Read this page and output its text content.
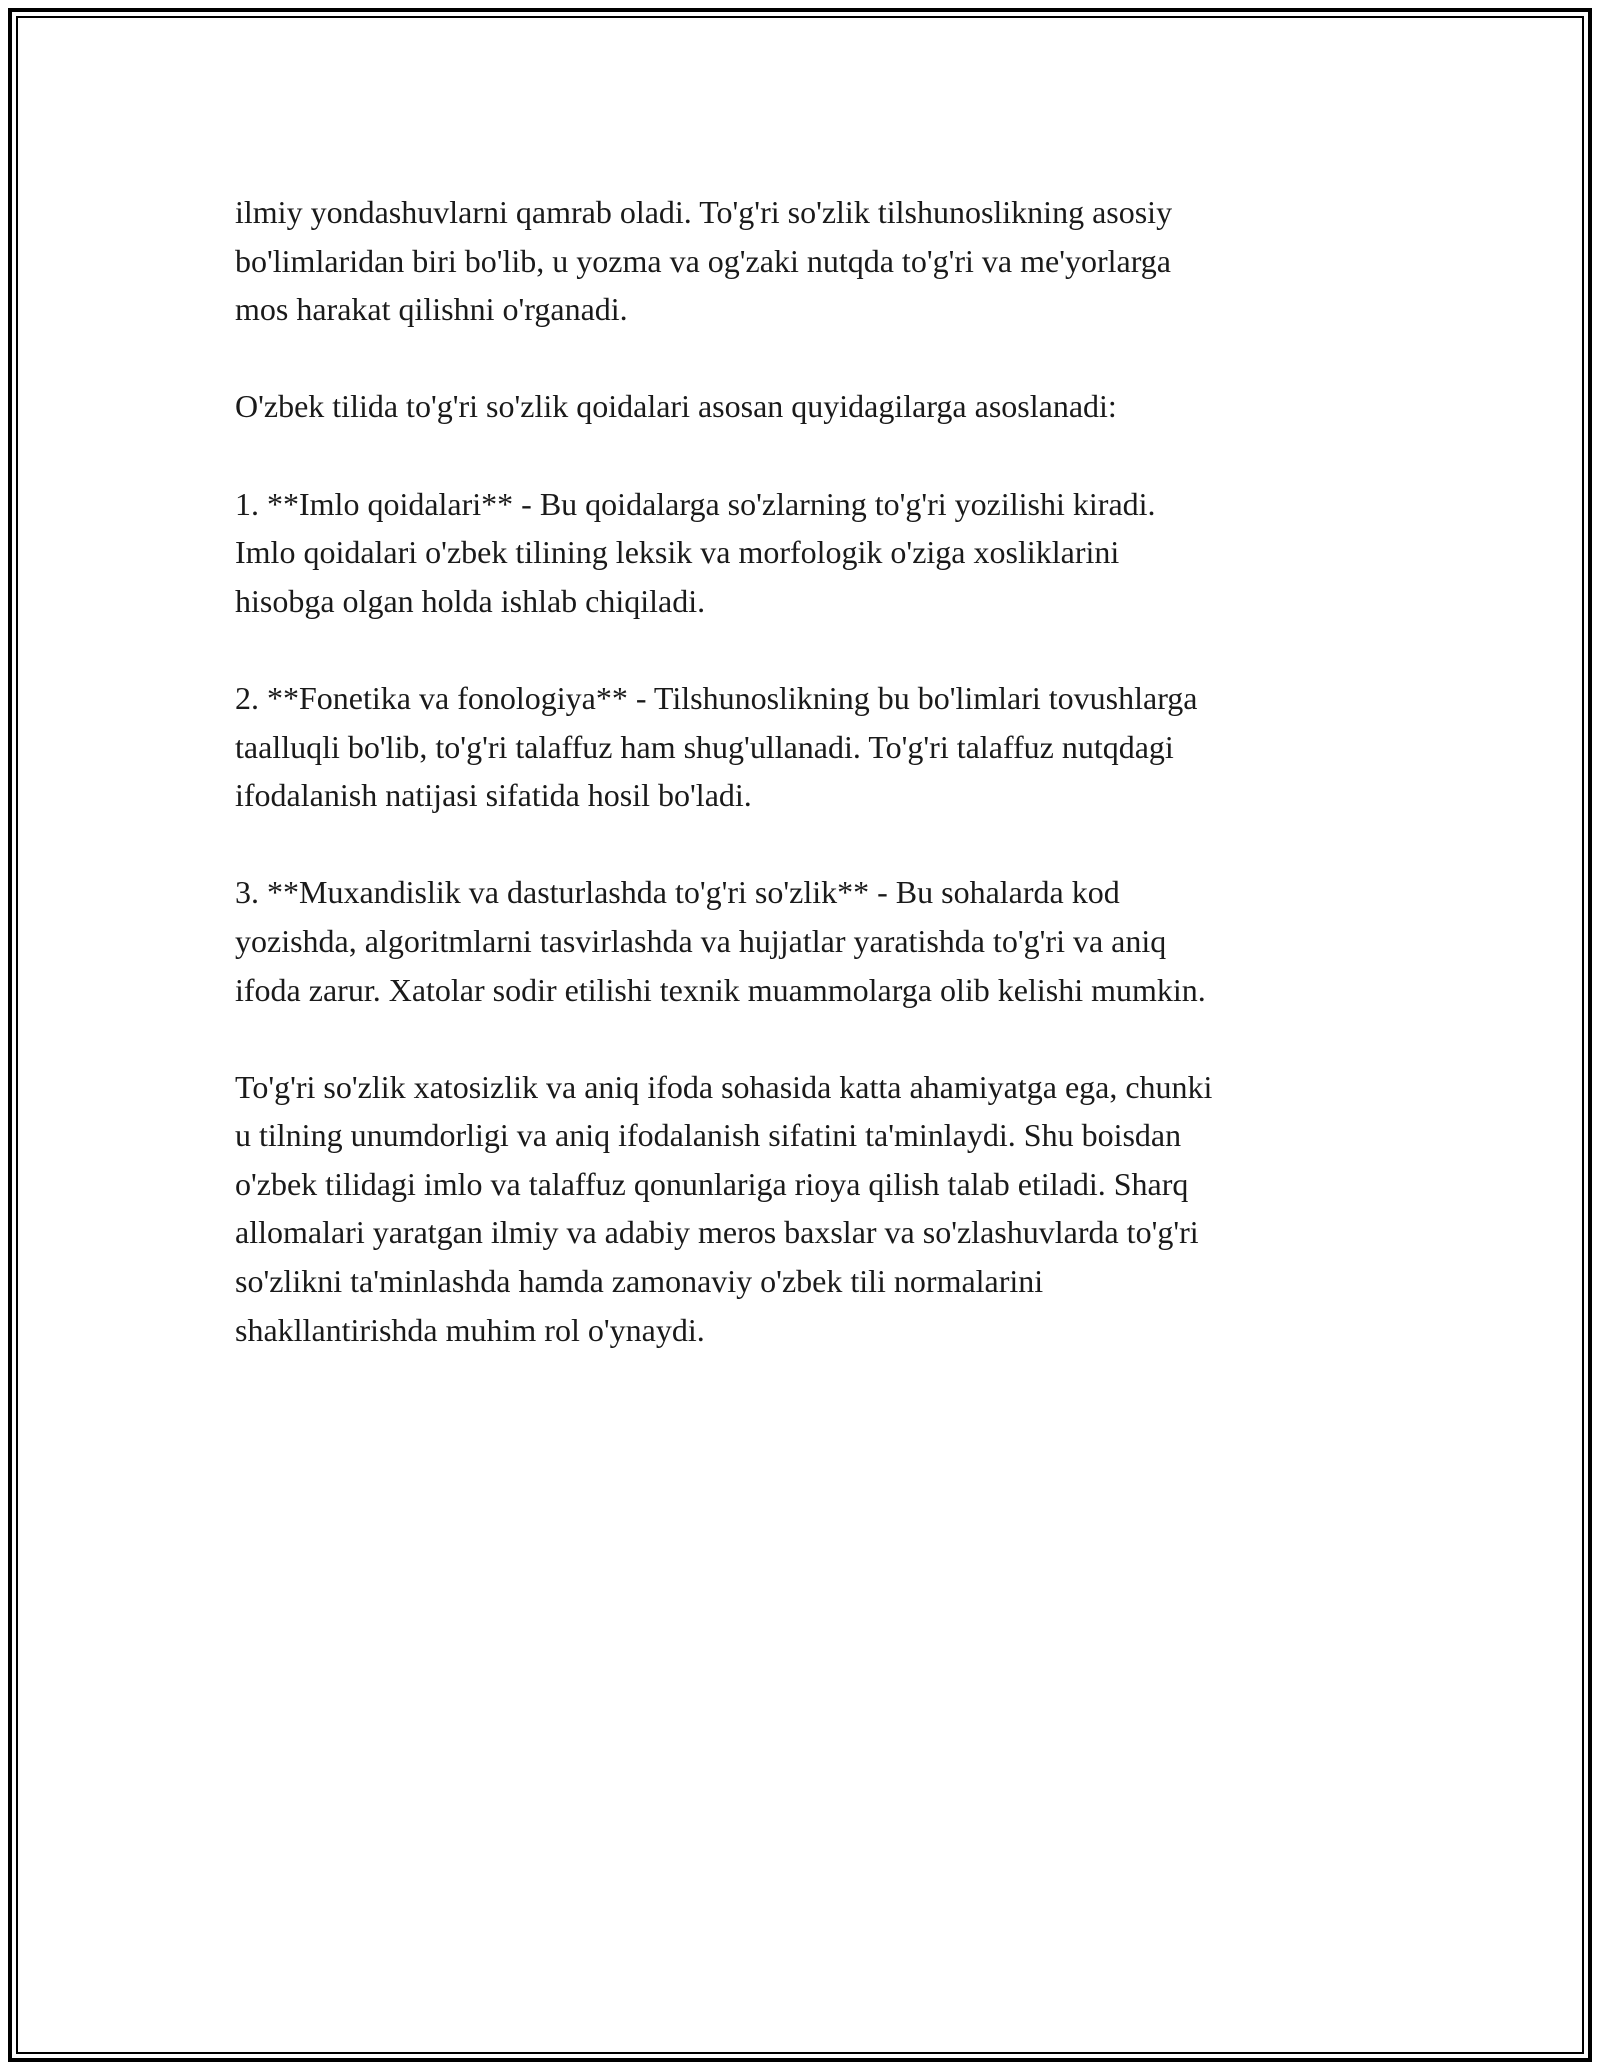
ilmiy yondashuvlarni qamrab oladi. To'g'ri so'zlik tilshunoslikning asosiy
bo'limlaridan biri bo'lib, u yozma va og'zaki nutqda to'g'ri va me'yorlarga
mos harakat qilishni o'rganadi.

O'zbek tilida to'g'ri so'zlik qoidalari asosan quyidagilarga asoslanadi:

1. **Imlo qoidalari** - Bu qoidalarga so'zlarning to'g'ri yozilishi kiradi.
Imlo qoidalari o'zbek tilining leksik va morfologik o'ziga xosliklarini
hisobga olgan holda ishlab chiqiladi.

2. **Fonetika va fonologiya** - Tilshunoslikning bu bo'limlari tovushlarga
taalluqli bo'lib, to'g'ri talaffuz ham shug'ullanadi. To'g'ri talaffuz nutqdagi
ifodalanish natijasi sifatida hosil bo'ladi.

3. **Muxandislik va dasturlashda to'g'ri so'zlik** - Bu sohalarda kod
yozishda, algoritmlarni tasvirlashda va hujjatlar yaratishda to'g'ri va aniq
ifoda zarur. Xatolar sodir etilishi texnik muammolarga olib kelishi mumkin.

To'g'ri so'zlik xatosizlik va aniq ifoda sohasida katta ahamiyatga ega, chunki
u tilning unumdorligi va aniq ifodalanish sifatini ta'minlaydi. Shu boisdan
o'zbek tilidagi imlo va talaffuz qonunlariga rioya qilish talab etiladi. Sharq
allomalari yaratgan ilmiy va adabiy meros baxslar va so'zlashuvlarda to'g'ri
so'zlikni ta'minlashda hamda zamonaviy o'zbek tili normalarini
shakllantirishda muhim rol o'ynaydi.
